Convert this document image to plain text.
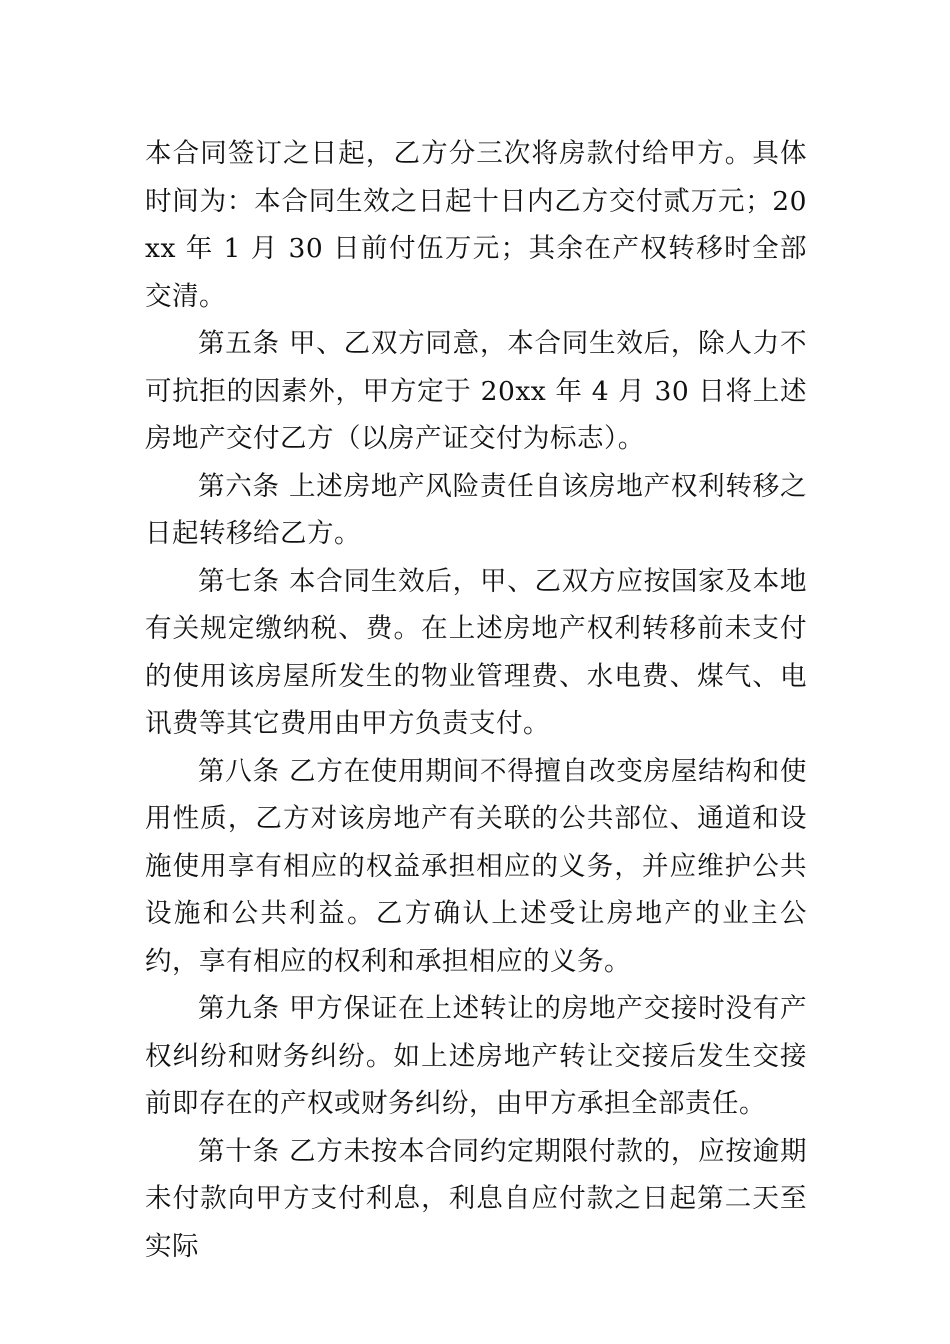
本合同签订之日起，乙方分三次将房款付给甲方。具体时间为：本合同生效之日起十日内乙方交付贰万元；20xx 年 1 月 30 日前付伍万元；其余在产权转移时全部交清。

第五条 甲、乙双方同意，本合同生效后，除人力不可抗拒的因素外，甲方定于 20xx 年 4 月 30 日将上述房地产交付乙方（以房产证交付为标志）。

第六条 上述房地产风险责任自该房地产权利转移之日起转移给乙方。

第七条 本合同生效后，甲、乙双方应按国家及本地有关规定缴纳税、费。在上述房地产权利转移前未支付的使用该房屋所发生的物业管理费、水电费、煤气、电讯费等其它费用由甲方负责支付。

第八条 乙方在使用期间不得擅自改变房屋结构和使用性质，乙方对该房地产有关联的公共部位、通道和设施使用享有相应的权益承担相应的义务，并应维护公共设施和公共利益。乙方确认上述受让房地产的业主公约，享有相应的权利和承担相应的义务。

第九条 甲方保证在上述转让的房地产交接时没有产权纠纷和财务纠纷。如上述房地产转让交接后发生交接前即存在的产权或财务纠纷，由甲方承担全部责任。

第十条 乙方未按本合同约定期限付款的，应按逾期未付款向甲方支付利息，利息自应付款之日起第二天至实际
